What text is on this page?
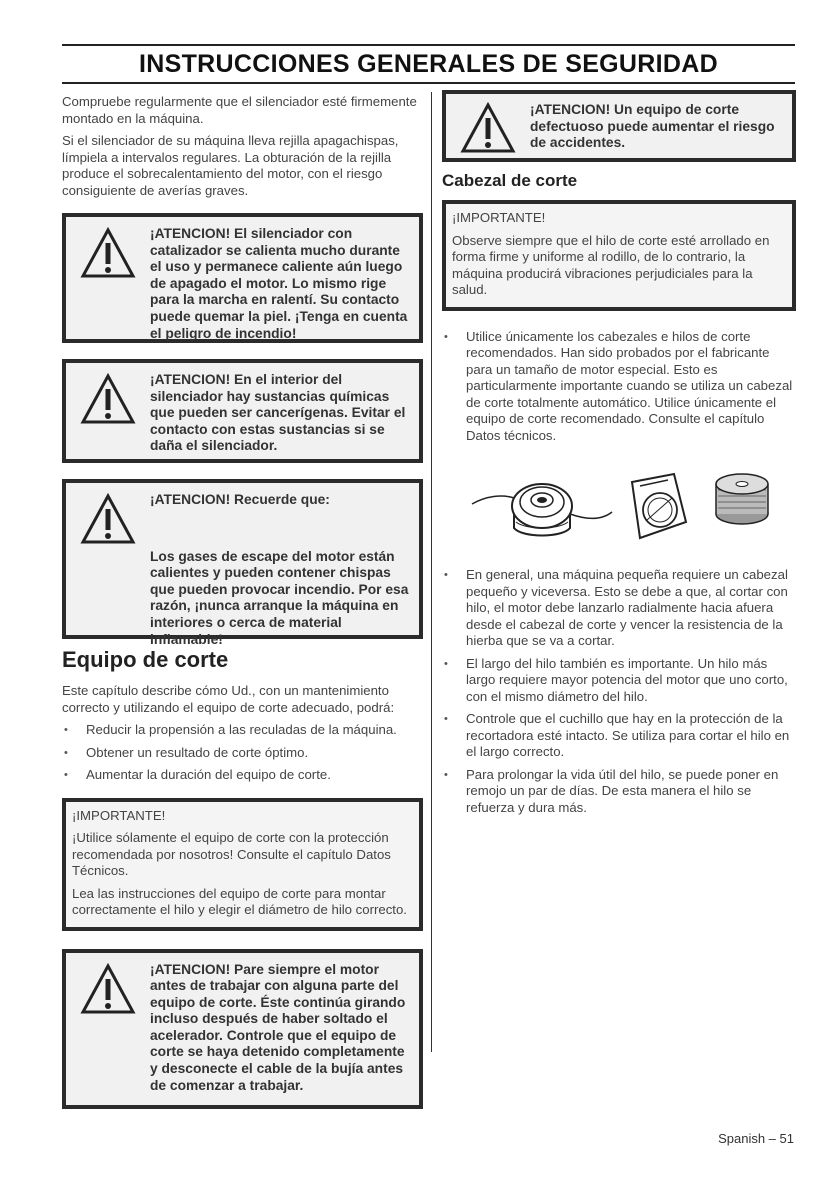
INSTRUCCIONES GENERALES DE SEGURIDAD

Compruebe regularmente que el silenciador esté firmemente montado en la máquina.

Si el silenciador de su máquina lleva rejilla apagachispas, límpiela a intervalos regulares. La obturación de la rejilla produce el sobrecalentamiento del motor, con el riesgo consiguiente de averías graves.

¡ATENCION! El silenciador con catalizador se calienta mucho durante el uso y permanece caliente aún luego de apagado el motor. Lo mismo rige para la marcha en ralentí. Su contacto puede quemar la piel. ¡Tenga en cuenta el peligro de incendio!
¡ATENCION! En el interior del silenciador hay sustancias químicas que pueden ser cancerígenas. Evitar el contacto con estas sustancias si se daña el silenciador.
¡ATENCION! Recuerde que:
Los gases de escape del motor están calientes y pueden contener chispas que pueden provocar incendio. Por esa razón, ¡nunca arranque la máquina en interiores o cerca de material inflamable!
Equipo de corte

Este capítulo describe cómo Ud., con un mantenimiento correcto y utilizando el equipo de corte adecuado, podrá:

• Reducir la propensión a las reculadas de la máquina.
• Obtener un resultado de corte óptimo.
• Aumentar la duración del equipo de corte.

¡IMPORTANTE!

¡Utilice sólamente el equipo de corte con la protección recomendada por nosotros! Consulte el capítulo Datos Técnicos.

Lea las instrucciones del equipo de corte para montar correctamente el hilo y elegir el diámetro de hilo correcto.

¡ATENCION! Pare siempre el motor antes de trabajar con alguna parte del equipo de corte. Éste continúa girando incluso después de haber soltado el acelerador. Controle que el equipo de corte se haya detenido completamente y desconecte el cable de la bujía antes de comenzar a trabajar.
¡ATENCION! Un equipo de corte defectuoso puede aumentar el riesgo de accidentes.
Cabezal de corte

¡IMPORTANTE!

Observe siempre que el hilo de corte esté arrollado en forma firme y uniforme al rodillo, de lo contrario, la máquina producirá vibraciones perjudiciales para la salud.

• Utilice únicamente los cabezales e hilos de corte recomendados. Han sido probados por el fabricante para un tamaño de motor especial. Esto es particularmente importante cuando se utiliza un cabezal de corte totalmente automático. Utilice únicamente el equipo de corte recomendado. Consulte el capítulo Datos técnicos.
• En general, una máquina pequeña requiere un cabezal pequeño y viceversa. Esto se debe a que, al cortar con hilo, el motor debe lanzarlo radialmente hacia afuera desde el cabezal de corte y vencer la resistencia de la hierba que se va a cortar.
• El largo del hilo también es importante. Un hilo más largo requiere mayor potencia del motor que uno corto, con el mismo diámetro del hilo.
• Controle que el cuchillo que hay en la protección de la recortadora esté intacto. Se utiliza para cortar el hilo en el largo correcto.
• Para prolongar la vida útil del hilo, se puede poner en remojo un par de días. De esta manera el hilo se refuerza y dura más.
Spanish – 51
